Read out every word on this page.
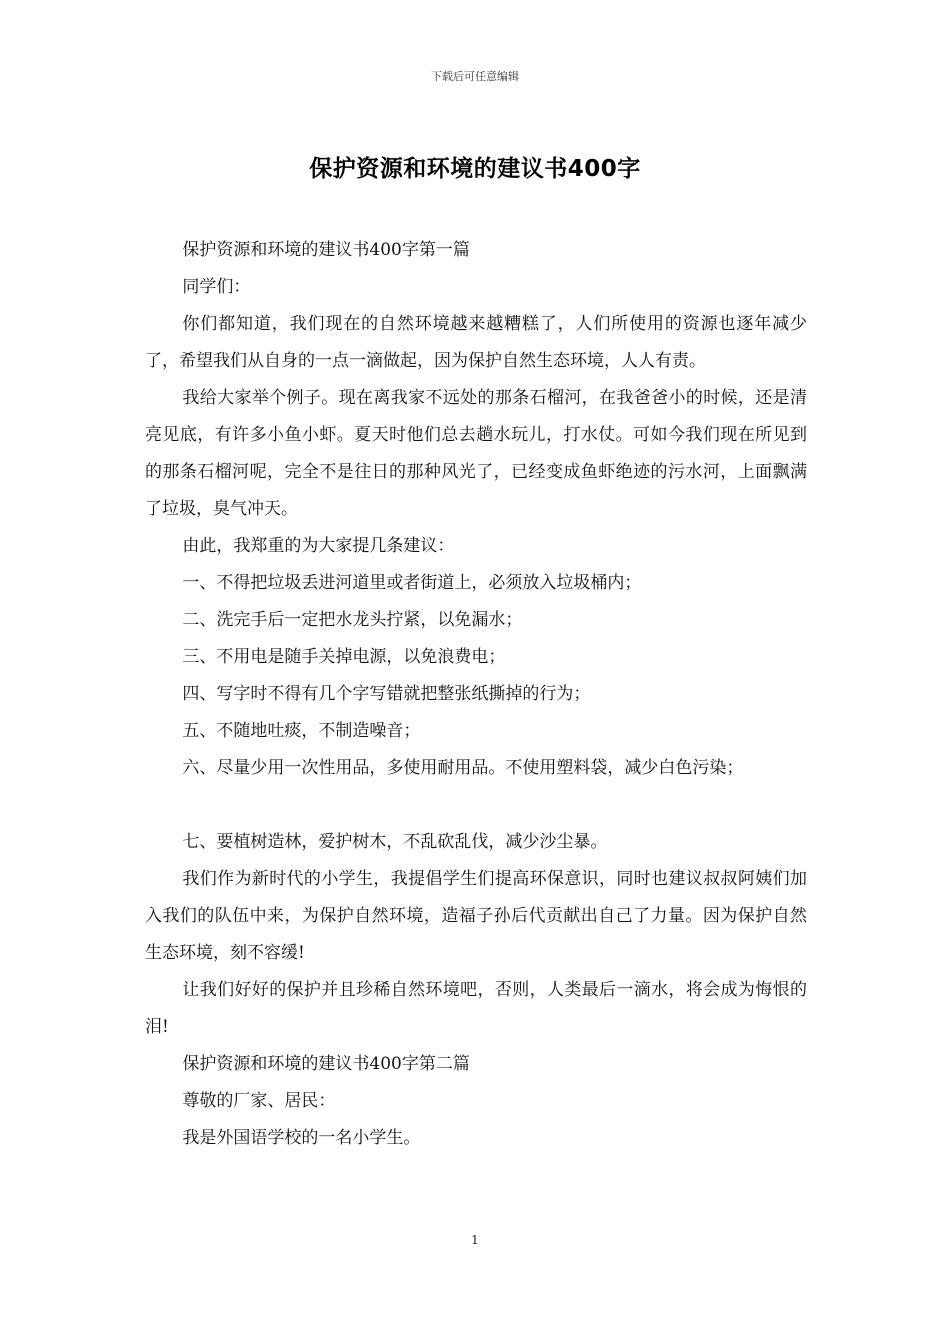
下载后可任意编辑
保护资源和环境的建议书400字

保护资源和环境的建议书400字第一篇

同学们：

你们都知道，我们现在的自然环境越来越糟糕了，人们所使用的资源也逐年减少了，希望我们从自身的一点一滴做起，因为保护自然生态环境，人人有责。

我给大家举个例子。现在离我家不远处的那条石榴河，在我爸爸小的时候，还是清亮见底，有许多小鱼小虾。夏天时他们总去趟水玩儿，打水仗。可如今我们现在所见到的那条石榴河呢，完全不是往日的那种风光了，已经变成鱼虾绝迹的污水河，上面飘满了垃圾，臭气冲天。

由此，我郑重的为大家提几条建议：

一、不得把垃圾丢进河道里或者街道上，必须放入垃圾桶内；

二、洗完手后一定把水龙头拧紧，以免漏水；

三、不用电是随手关掉电源，以免浪费电；

四、写字时不得有几个字写错就把整张纸撕掉的行为；

五、不随地吐痰，不制造噪音；

六、尽量少用一次性用品，多使用耐用品。不使用塑料袋，减少白色污染；

七、要植树造林，爱护树木，不乱砍乱伐，减少沙尘暴。

我们作为新时代的小学生，我提倡学生们提高环保意识，同时也建议叔叔阿姨们加入我们的队伍中来，为保护自然环境，造福子孙后代贡献出自己了力量。因为保护自然生态环境，刻不容缓!

让我们好好的保护并且珍稀自然环境吧，否则，人类最后一滴水，将会成为悔恨的泪!

保护资源和环境的建议书400字第二篇

尊敬的厂家、居民：

我是外国语学校的一名小学生。

1
